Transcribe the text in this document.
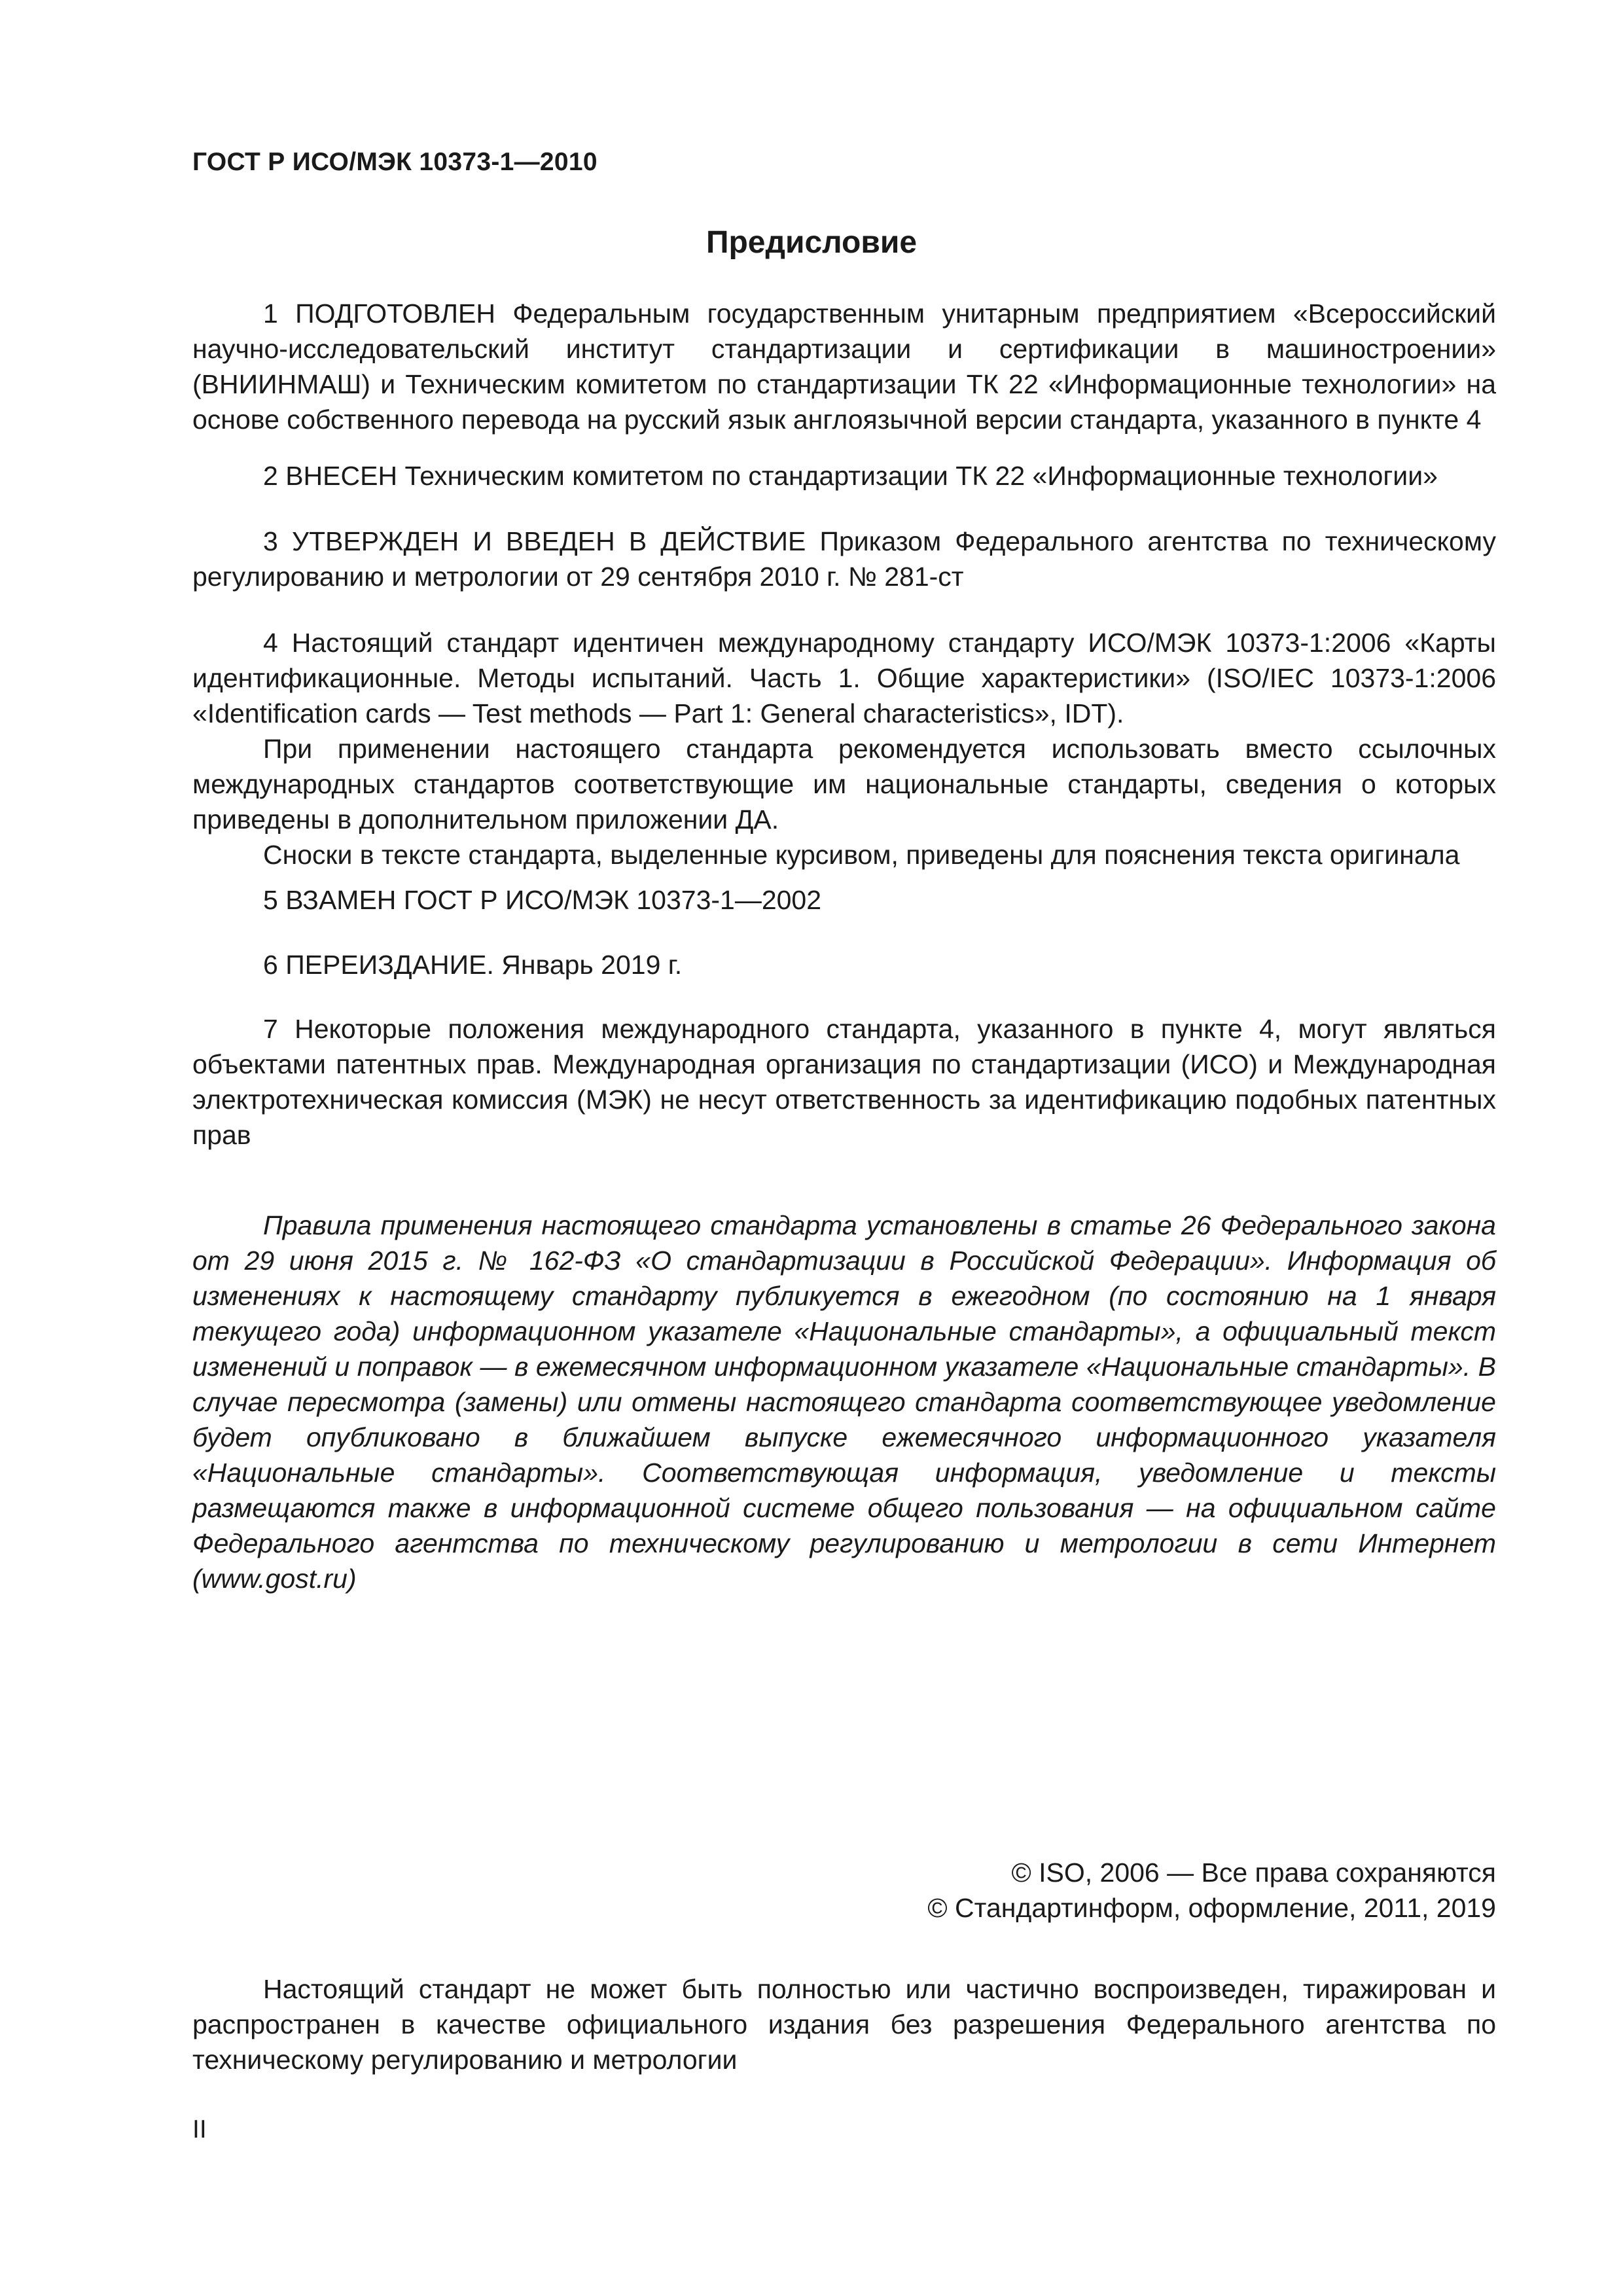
ГОСТ Р ИСО/МЭК 10373-1—2010
Предисловие

1 ПОДГОТОВЛЕН Федеральным государственным унитарным предприятием «Всероссийский научно-исследовательский институт стандартизации и сертификации в машиностроении» (ВНИИНМАШ) и Техническим комитетом по стандартизации ТК 22 «Информационные технологии» на основе собственного перевода на русский язык англоязычной версии стандарта, указанного в пункте 4

2 ВНЕСЕН Техническим комитетом по стандартизации ТК 22 «Информационные технологии»

3 УТВЕРЖДЕН И ВВЕДЕН В ДЕЙСТВИЕ Приказом Федерального агентства по техническому регулированию и метрологии от 29 сентября 2010 г. № 281-ст

4 Настоящий стандарт идентичен международному стандарту ИСО/МЭК 10373-1:2006 «Карты идентификационные. Методы испытаний. Часть 1. Общие характеристики» (ISO/IEC 10373-1:2006 «Identification cards — Test methods — Part 1: General characteristics», IDT).

При применении настоящего стандарта рекомендуется использовать вместо ссылочных международных стандартов соответствующие им национальные стандарты, сведения о которых приведены в дополнительном приложении ДА.

Сноски в тексте стандарта, выделенные курсивом, приведены для пояснения текста оригинала

5 ВЗАМЕН ГОСТ Р ИСО/МЭК 10373-1—2002

6 ПЕРЕИЗДАНИЕ. Январь 2019 г.

7 Некоторые положения международного стандарта, указанного в пункте 4, могут являться объектами патентных прав. Международная организация по стандартизации (ИСО) и Международная электротехническая комиссия (МЭК) не несут ответственность за идентификацию подобных патентных прав

Правила применения настоящего стандарта установлены в статье 26 Федерального закона от 29 июня 2015 г. № 162-ФЗ «О стандартизации в Российской Федерации». Информация об изменениях к настоящему стандарту публикуется в ежегодном (по состоянию на 1 января текущего года) информационном указателе «Национальные стандарты», а официальный текст изменений и поправок — в ежемесячном информационном указателе «Национальные стандарты». В случае пересмотра (замены) или отмены настоящего стандарта соответствующее уведомление будет опубликовано в ближайшем выпуске ежемесячного информационного указателя «Национальные стандарты». Соответствующая информация, уведомление и тексты размещаются также в информационной системе общего пользования — на официальном сайте Федерального агентства по техническому регулированию и метрологии в сети Интернет (www.gost.ru)

© ISO, 2006 — Все права сохраняются
© Стандартинформ, оформление, 2011, 2019

Настоящий стандарт не может быть полностью или частично воспроизведен, тиражирован и распространен в качестве официального издания без разрешения Федерального агентства по техническому регулированию и метрологии

II
